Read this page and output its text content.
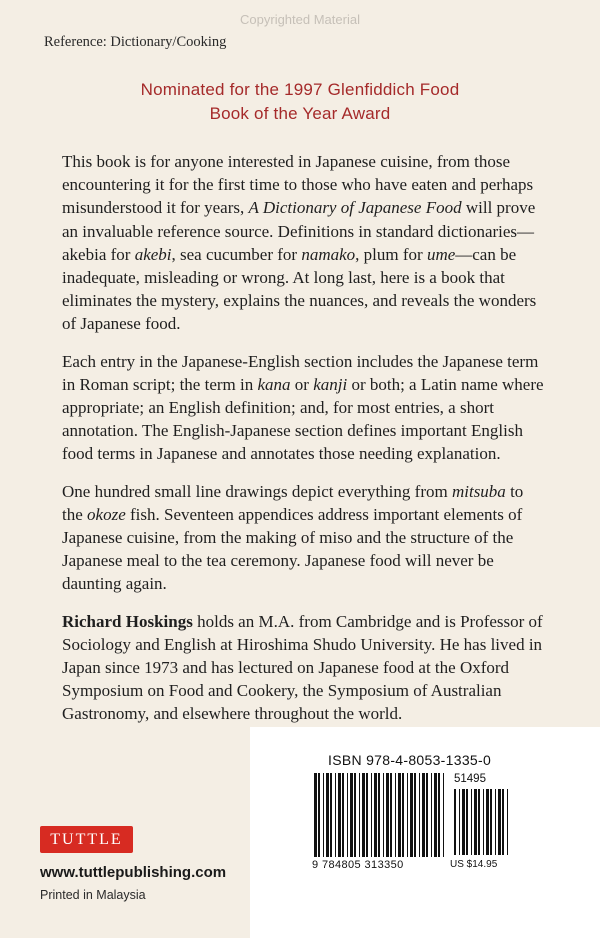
Copyrighted Material
Reference: Dictionary/Cooking
Nominated for the 1997 Glenfiddich Food
Book of the Year Award

This book is for anyone interested in Japanese cuisine, from those encountering it for the first time to those who have eaten and perhaps misunderstood it for years, A Dictionary of Japanese Food will prove an invaluable reference source. Definitions in standard dictionaries—akebia for akebi, sea cucumber for namako, plum for ume—can be inadequate, misleading or wrong. At long last, here is a book that eliminates the mystery, explains the nuances, and reveals the wonders of Japanese food.

Each entry in the Japanese-English section includes the Japanese term in Roman script; the term in kana or kanji or both; a Latin name where appropriate; an English definition; and, for most entries, a short annotation. The English-Japanese section defines important English food terms in Japanese and annotates those needing explanation.

One hundred small line drawings depict everything from mitsuba to the okoze fish. Seventeen appendices address important elements of Japanese cuisine, from the making of miso and the structure of the Japanese meal to the tea ceremony. Japanese food will never be daunting again.

Richard Hoskings holds an M.A. from Cambridge and is Professor of Sociology and English at Hiroshima Shudo University. He has lived in Japan since 1973 and has lectured on Japanese food at the Oxford Symposium on Food and Cookery, the Symposium of Australian Gastronomy, and elsewhere throughout the world.

ISBN 978-4-8053-1335-0
51495
9 784805 313350	US $14.95
TUTTLE
www.tuttlepublishing.com
Printed in Malaysia
